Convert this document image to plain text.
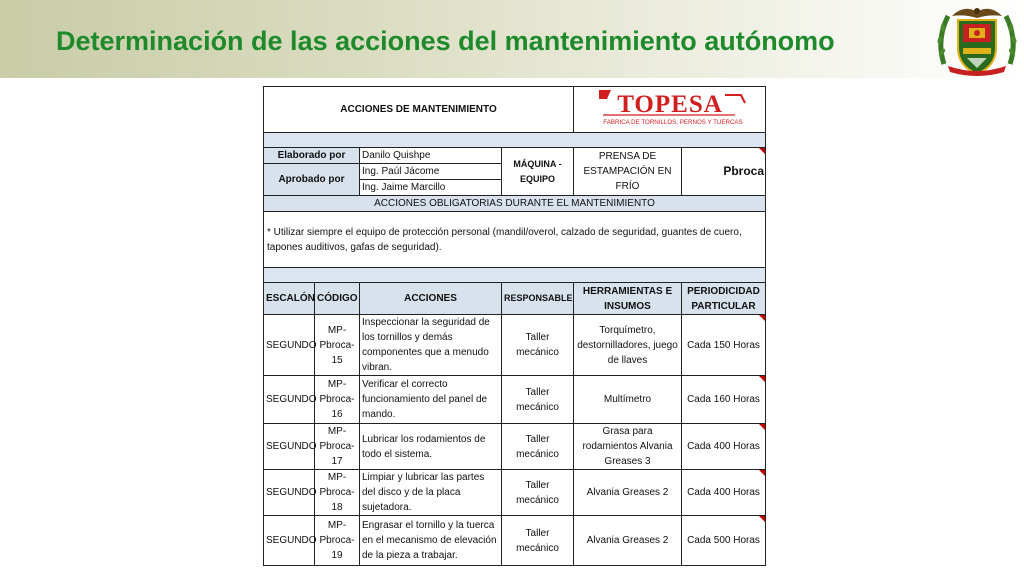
Determinación de las acciones del mantenimiento autónomo
ACCIONES DE MANTENIMIENTO				TOPESA
FABRICA DE TORNILLOS, PERNOS Y TUERCAS	

Elaborado por		Danilo Quishpe	MÁQUINA - EQUIPO	PRENSA DE ESTAMPACIÓN EN FRÍO	Pbroca
Aprobado por		Ing. Paúl Jácome			
		Ing. Jaime Marcillo			
ACCIONES OBLIGATORIAS DURANTE EL MANTENIMIENTO					
* Utilizar siempre el equipo de protección personal (mandil/overol, calzado de seguridad, guantes de cuero, tapones auditivos, gafas de seguridad).					

ESCALÓN	CÓDIGO	ACCIONES	RESPONSABLE	HERRAMIENTAS E INSUMOS	PERIODICIDAD PARTICULAR
SEGUNDO	MP-Pbroca-15	Inspeccionar la seguridad de los tornillos y demás componentes que a menudo vibran.	Taller mecánico	Torquímetro, destornilladores, juego de llaves	Cada 150 Horas
SEGUNDO	MP-Pbroca-16	Verificar el correcto funcionamiento del panel de mando.	Taller mecánico	Multímetro	Cada 160 Horas
SEGUNDO	MP-Pbroca-17	Lubricar los rodamientos de todo el sistema.	Taller mecánico	Grasa para rodamientos Alvania Greases 3	Cada 400 Horas
SEGUNDO	MP-Pbroca-18	Limpiar y lubricar las partes del disco y de la placa sujetadora.	Taller mecánico	Alvania Greases 2	Cada 400 Horas
SEGUNDO	MP-Pbroca-19	Engrasar el tornillo y la tuerca en el mecanismo de elevación de la pieza a trabajar.	Taller mecánico	Alvania Greases 2	Cada 500 Horas
